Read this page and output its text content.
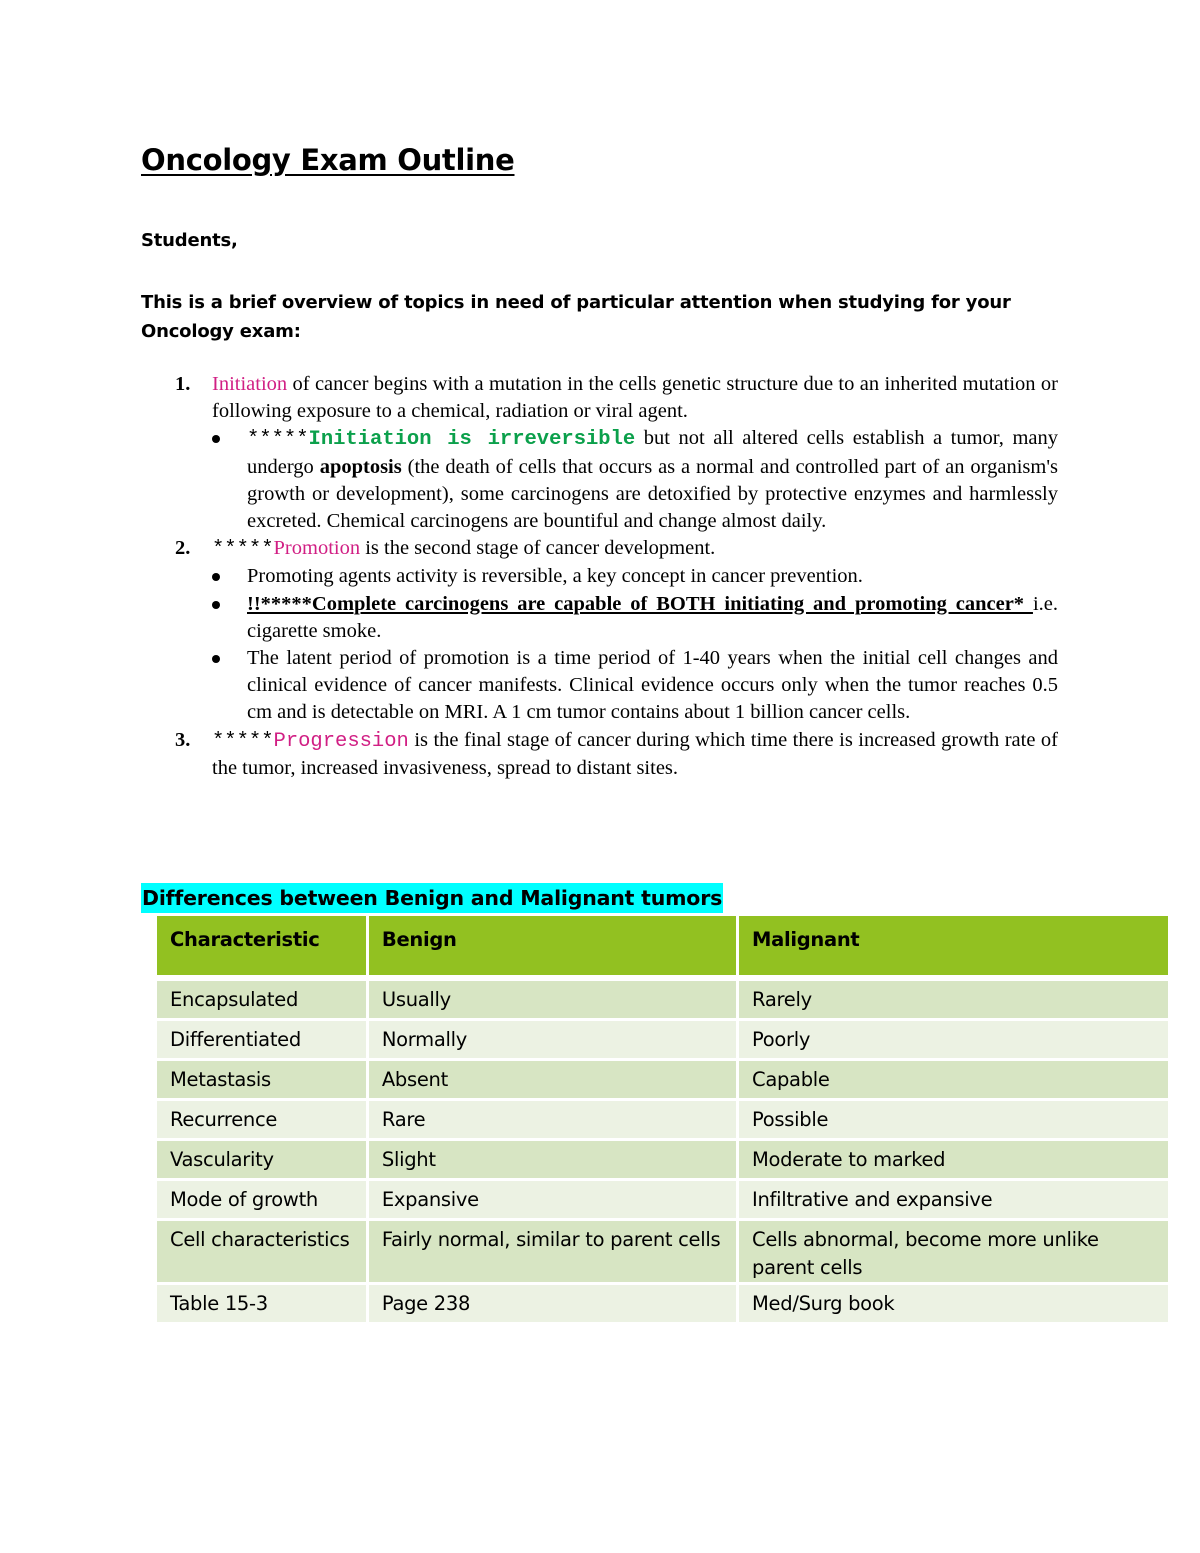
Oncology Exam Outline
Students,
This is a brief overview of topics in need of particular attention when studying for your Oncology exam:
1. Initiation of cancer begins with a mutation in the cells genetic structure due to an inherited mutation or following exposure to a chemical, radiation or viral agent.
*****Initiation is irreversible but not all altered cells establish a tumor, many undergo apoptosis (the death of cells that occurs as a normal and controlled part of an organism's growth or development), some carcinogens are detoxified by protective enzymes and harmlessly excreted. Chemical carcinogens are bountiful and change almost daily.
2. *****Promotion is the second stage of cancer development.
Promoting agents activity is reversible, a key concept in cancer prevention.
!!*****Complete carcinogens are capable of BOTH initiating and promoting cancer* i.e. cigarette smoke.
The latent period of promotion is a time period of 1-40 years when the initial cell changes and clinical evidence of cancer manifests. Clinical evidence occurs only when the tumor reaches 0.5 cm and is detectable on MRI. A 1 cm tumor contains about 1 billion cancer cells.
3. *****Progression is the final stage of cancer during which time there is increased growth rate of the tumor, increased invasiveness, spread to distant sites.
Differences between Benign and Malignant tumors
Characteristic	Benign	Malignant

Encapsulated	Usually	Rarely
Differentiated	Normally	Poorly
Metastasis	Absent	Capable
Recurrence	Rare	Possible
Vascularity	Slight	Moderate to marked
Mode of growth	Expansive	Infiltrative and expansive
Cell characteristics	Fairly normal, similar to parent cells	Cells abnormal, become more unlike parent cells
Table 15-3	Page 238	Med/Surg book
